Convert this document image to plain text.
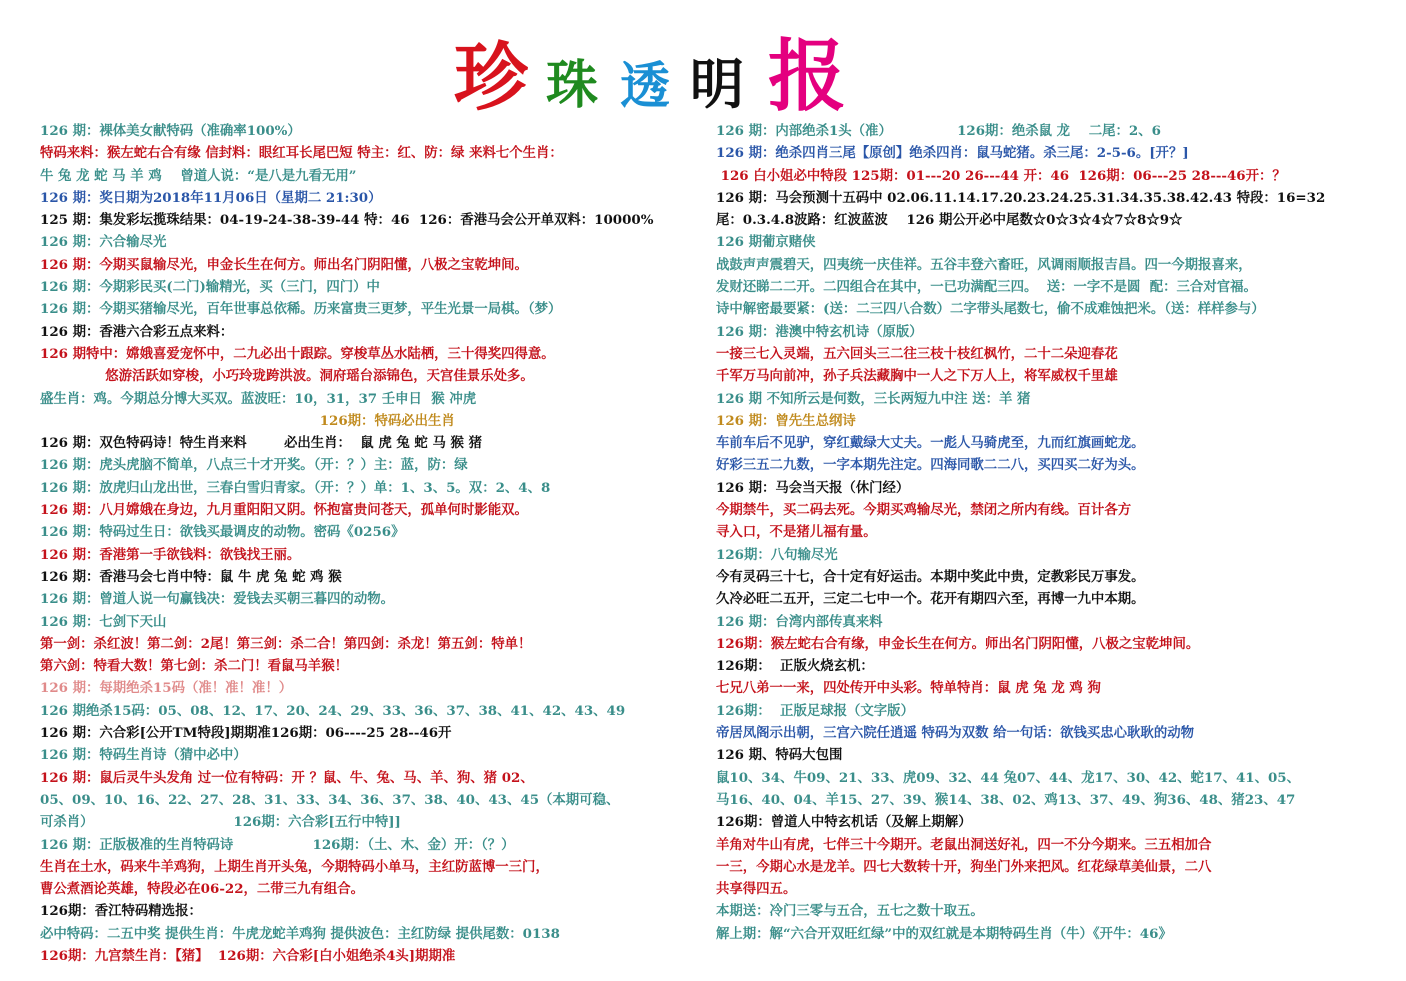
珍 珠 透 明 报
126 期：裸体美女献特码（准确率100%）
特码来料：猴左蛇右合有缘 信封料：眼红耳长尾巴短 特主：红、防：绿 来料七个生肖：
牛 兔 龙 蛇 马 羊 鸡    曾道人说：“是八是九看无用”
126 期：奖日期为2018年11月06日（星期二 21:30）
125 期：集发彩坛揽珠结果：04-19-24-38-39-44 特：46  126：香港马会公开单双料：10000%
126 期：六合输尽光
126 期：今期买鼠输尽光，申金长生在何方。师出名门阴阳懂，八极之宝乾坤间。
126 期：今期彩民买(二门)输精光，买（三门，四门）中
126 期：今期买猪输尽光，百年世事总依稀。历来富贵三更梦，平生光景一局棋。（梦）
126 期：香港六合彩五点来料：
126 期特中：嫦娥喜爱宠怀中，二九必出十跟踪。穿梭草丛水陆栖，三十得奖四得意。
悠游活跃如穿梭，小巧玲珑跨洪波。洞府瑶台添锦色，天宫佳景乐处多。
盛生肖：鸡。今期总分博大买双。蓝波旺：10，31，37 壬申日  猴 冲虎
126期：特码必出生肖
126 期：双色特码诗！特生肖来料        必出生肖：  鼠 虎 兔 蛇 马 猴 猪
126 期：虎头虎脑不简单，八点三十才开奖。（开：？）主：蓝，防：绿
126 期：放虎归山龙出世，三春白雪归青家。（开：？）单：1、3、5。双：2、4、8
126 期：八月嫦娥在身边，九月重阳阳又阴。怀抱富贵问苍天，孤单何时影能双。
126 期：特码过生日：欲钱买最调皮的动物。密码《0256》
126 期：香港第一手欲钱料：欲钱找王丽。
126 期：香港马会七肖中特：鼠 牛 虎 兔 蛇 鸡 猴
126 期：曾道人说一句赢钱决：爱钱去买朝三暮四的动物。
126 期：七剑下天山
第一剑：杀红波！第二剑：2尾！第三剑：杀二合！第四剑：杀龙！第五剑：特单！
第六剑：特看大数！第七剑：杀二门！看鼠马羊猴！
126 期：每期绝杀15码（准！准！准！）
126 期绝杀15码：05、08、12、17、20、24、29、33、36、37、38、41、42、43、49
126 期：六合彩[公开TM特段]期期准126期：06----25 28--46开
126 期：特码生肖诗（猜中必中）
126 期：鼠后灵牛头发角 过一位有特码：开 ？鼠、牛、兔、马、羊、狗、猪 02、
05、09、10、16、22、27、28、31、33、34、36、37、38、40、43、45（本期可稳、
可杀肖）                              126期：六合彩[五行中特]]
126 期：正版极准的生肖特码诗                 126期：（土、木、金）开：（？）
生肖在土水，码来牛羊鸡狗，上期生肖开头兔，今期特码小单马，主红防蓝博一三门，
曹公煮酒论英雄，特段必在06-22，二带三九有组合。
126期：香江特码精选报：
必中特码：二五中奖 提供生肖：牛虎龙蛇羊鸡狗 提供波色：主红防绿 提供尾数：0138
126期：九宫禁生肖：【猪】  126期：六合彩[白小姐绝杀4头]期期准
126 期：内部绝杀1头（准）              126期：绝杀鼠 龙    二尾：2、6
126 期：绝杀四肖三尾【原创】绝杀四肖：鼠马蛇猪。杀三尾：2-5-6。[开？]
126 白小姐必中特段 125期：01---20 26---44 开：46  126期：06---25 28---46开：？
126 期：马会预测十五码中 02.06.11.14.17.20.23.24.25.31.34.35.38.42.43 特段：16=32
尾：0.3.4.8波路：红波蓝波    126 期公开必中尾数☆0☆3☆4☆7☆8☆9☆
126 期葡京赌侠
战鼓声声震碧天，四夷统一庆佳祥。五谷丰登六畜旺，风调雨顺报吉昌。四一今期报喜来，
发财还睇二二开。二四组合在其中，一已功满配三四。  送：一字不是圆  配：三合对官福。
诗中解密最要紧：(送：二三四八合数）二字带头尾数七，偷不成难蚀把米。（送：样样参与）
126 期：港澳中特玄机诗（原版）
一接三七入灵端，五六回头三二往三枝十枝红枫竹，二十二朵迎春花
千军万马向前冲，孙子兵法藏胸中一人之下万人上，将军威权千里雄
126 期 不知所云是何数，三长两短九中注 送：羊 猪
126 期：曾先生总纲诗
车前车后不见驴，穿红戴绿大丈夫。一彪人马骑虎至，九而红旗画蛇龙。
好彩三五二九数，一字本期先注定。四海同歌二二八，买四买二好为头。
126 期：马会当天报（休门经）
今期禁牛，买二码去死。今期买鸡输尽光，禁闭之所内有线。百计各方
寻入口，不是猪儿福有量。
126期：八句输尽光
今有灵码三十七，合十定有好运击。本期中奖此中贵，定教彩民万事发。
久冷必旺二五开，三定二七中一个。花开有期四六至，再博一九中本期。
126 期：台湾内部传真来料
126期：猴左蛇右合有缘，申金长生在何方。师出名门阴阳懂，八极之宝乾坤间。
126期：  正版火烧玄机：
七兄八弟一一来，四处传开中头彩。特单特肖：鼠 虎 兔 龙 鸡 狗
126期：  正版足球报（文字版）
帝居凤阁示出朝，三宫六院任逍遥 特码为双数 给一句话：欲钱买忠心耿耿的动物
126 期、特码大包围
鼠10、34、牛09、21、33、虎09、32、44 兔07、44、龙17、30、42、蛇17、41、05、
马16、40、04、羊15、27、39、猴14、38、02、鸡13、37、49、狗36、48、猪23、47
126期：曾道人中特玄机话（及解上期解）
羊角对牛山有虎，七伴三十今期开。老鼠出洞送好礼，四一不分今期来。三五相加合
一三，今期心水是龙羊。四七大数转十开，狗坐门外来把风。红花绿草美仙景，二八
共享得四五。
本期送：冷门三零与五合，五七之数十取五。
解上期：解“六合开双旺红绿”中的双红就是本期特码生肖（牛）《开牛：46》
